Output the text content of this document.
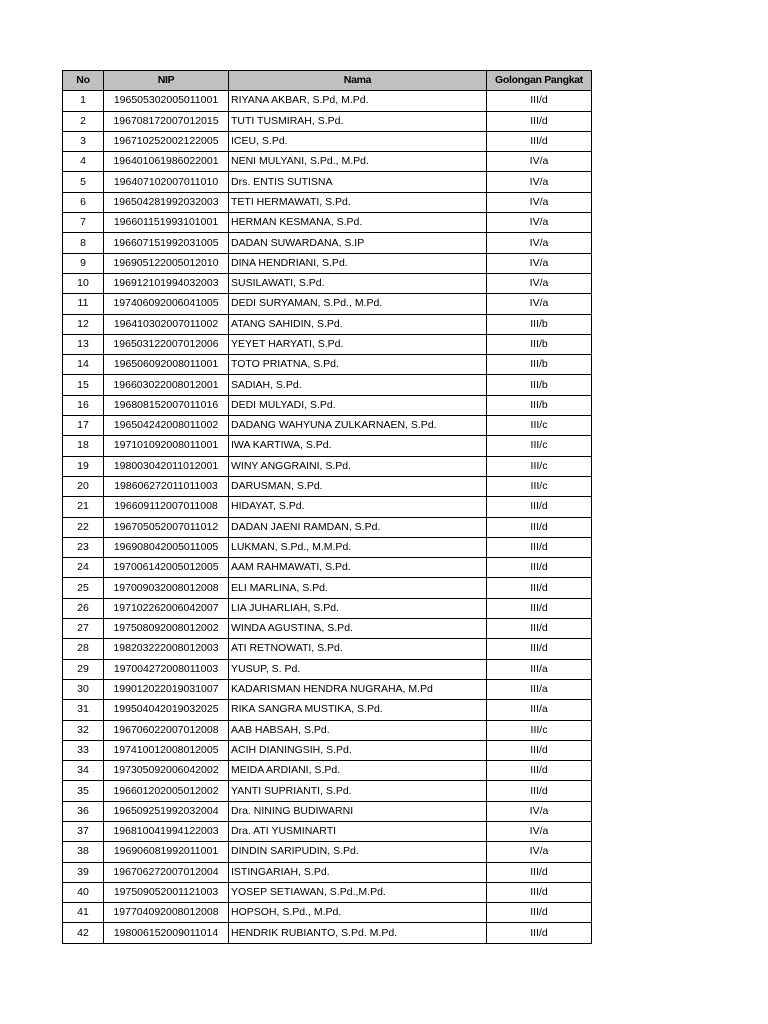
No	NIP	Nama	Golongan Pangkat
1	196505302005011001	RIYANA AKBAR, S.Pd, M.Pd.	III/d
2	196708172007012015	TUTI TUSMIRAH, S.Pd.	III/d
3	196710252002122005	ICEU, S.Pd.	III/d
4	196401061986022001	NENI MULYANI, S.Pd., M.Pd.	IV/a
5	196407102007011010	Drs. ENTIS SUTISNA	IV/a
6	196504281992032003	TETI HERMAWATI, S.Pd.	IV/a
7	196601151993101001	HERMAN KESMANA, S.Pd.	IV/a
8	196607151992031005	DADAN SUWARDANA, S.IP	IV/a
9	196905122005012010	DINA HENDRIANI, S.Pd.	IV/a
10	196912101994032003	SUSILAWATI, S.Pd.	IV/a
11	197406092006041005	DEDI SURYAMAN, S.Pd., M.Pd.	IV/a
12	196410302007011002	ATANG SAHIDIN, S.Pd.	III/b
13	196503122007012006	YEYET HARYATI, S.Pd.	III/b
14	196506092008011001	TOTO PRIATNA, S.Pd.	III/b
15	196603022008012001	SADIAH, S.Pd.	III/b
16	196808152007011016	DEDI MULYADI, S.Pd.	III/b
17	196504242008011002	DADANG WAHYUNA ZULKARNAEN, S.Pd.	III/c
18	197101092008011001	IWA KARTIWA, S.Pd.	III/c
19	198003042011012001	WINY ANGGRAINI, S.Pd.	III/c
20	198606272011011003	DARUSMAN, S.Pd.	III/c
21	196609112007011008	HIDAYAT, S.Pd.	III/d
22	196705052007011012	DADAN JAENI RAMDAN, S.Pd.	III/d
23	196908042005011005	LUKMAN, S.Pd., M.M.Pd.	III/d
24	197006142005012005	AAM RAHMAWATI, S.Pd.	III/d
25	197009032008012008	ELI MARLINA, S.Pd.	III/d
26	197102262006042007	LIA JUHARLIAH, S.Pd.	III/d
27	197508092008012002	WINDA AGUSTINA, S.Pd.	III/d
28	198203222008012003	ATI RETNOWATI, S.Pd.	III/d
29	197004272008011003	YUSUP, S. Pd.	III/a
30	199012022019031007	KADARISMAN HENDRA NUGRAHA, M.Pd	III/a
31	199504042019032025	RIKA SANGRA MUSTIKA, S.Pd.	III/a
32	196706022007012008	AAB HABSAH, S.Pd.	III/c
33	197410012008012005	ACIH DIANINGSIH, S.Pd.	III/d
34	197305092006042002	MEIDA ARDIANI, S.Pd.	III/d
35	196601202005012002	YANTI SUPRIANTI, S.Pd.	III/d
36	196509251992032004	Dra. NINING BUDIWARNI	IV/a
37	196810041994122003	Dra. ATI YUSMINARTI	IV/a
38	196906081992011001	DINDIN SARIPUDIN, S.Pd.	IV/a
39	196706272007012004	ISTINGARIAH, S.Pd.	III/d
40	197509052001121003	YOSEP SETIAWAN, S.Pd.,M.Pd.	III/d
41	197704092008012008	HOPSOH, S.Pd., M.Pd.	III/d
42	198006152009011014	HENDRIK RUBIANTO, S.Pd. M.Pd.	III/d
